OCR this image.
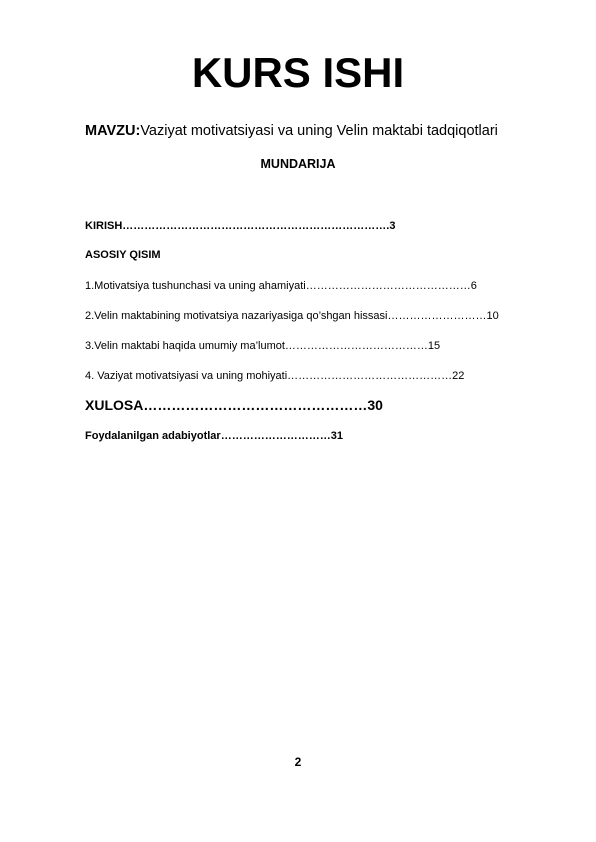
KURS ISHI
MAVZU:Vaziyat motivatsiyasi va uning Velin maktabi tadqiqotlari
MUNDARIJA
KIRISH……………………………………………………………….3
ASOSIY QISIM
1.Motivatsiya tushunchasi va uning ahamiyati………………………………………6
2.Velin maktabining motivatsiya nazariyasiga qo’shgan hissasi………………………10
3.Velin maktabi haqida umumiy ma’lumot…………………………………15
4. Vaziyat motivatsiyasi va uning mohiyati………………………………………22
XULOSA…………………………………………30
Foydalanilgan adabiyotlar…………………………31
2
